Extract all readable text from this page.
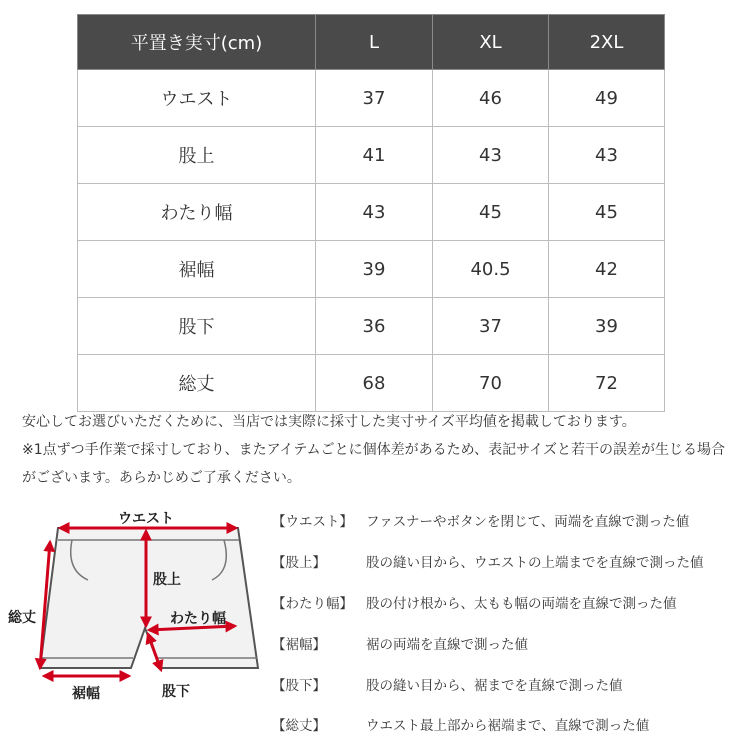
平置き実寸(cm)	L	XL	2XL
ウエスト	37	46	49
股上	41	43	43
わたり幅	43	45	45
裾幅	39	40.5	42
股下	36	37	39
総丈	68	70	72
安心してお選びいただくために、当店では実際に採寸した実寸サイズ平均値を掲載しております。
※1点ずつ手作業で採寸しており、またアイテムごとに個体差があるため、表記サイズと若干の誤差が生じる場合がございます。あらかじめご了承ください。
ウエスト
股上
わたり幅
総丈
裾幅	股下
【ウエスト】 ファスナーやボタンを閉じて、両端を直線で測った値
【股上】	股の縫い目から、ウエストの上端までを直線で測った値
【わたり幅】 股の付け根から、太もも幅の両端を直線で測った値
【裾幅】	裾の両端を直線で測った値
【股下】	股の縫い目から、裾までを直線で測った値
【総丈】	ウエスト最上部から裾端まで、直線で測った値
